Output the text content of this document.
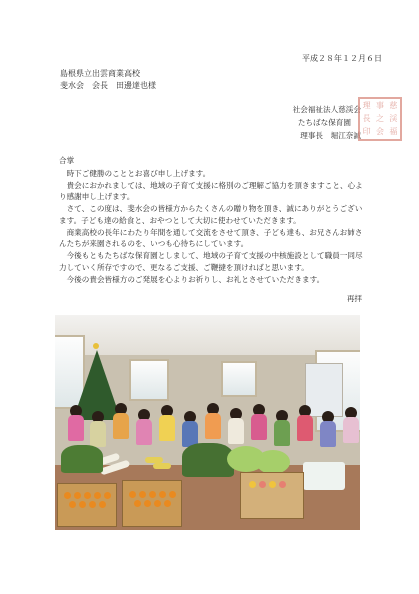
平成２８年１２月６日
島根県立出雲商業高校
斐水会　会長　田邊達也様
社会福祉法人慈渓会
たちばな保育園
理事長　堀江奈誠
理 事 慈
長 之 渓
印 会 福

合掌

　時下ご健勝のこととお喜び申し上げます。

　貴会におかれましては、地域の子育て支援に格別のご理解ご協力を頂きますこと、心より感謝申し上げます。

　さて、この度は、斐水会の皆様方からたくさんの贈り物を頂き、誠にありがとうございます。子ども達の給食と、おやつとして大切に使わせていただきます。

　商業高校の長年にわたり年間を通して交流をさせて頂き、子ども達も、お兄さんお姉さんたちが来園されるのを、いつも心待ちにしています。

　今後もともたちばな保育園としまして、地域の子育て支援の中核施設として職員一同尽力していく所存ですので、更なるご支援、ご鞭撻を頂ければと思います。

　今後の貴会皆様方のご発展を心よりお祈りし、お礼とさせていただきます。

再拝
